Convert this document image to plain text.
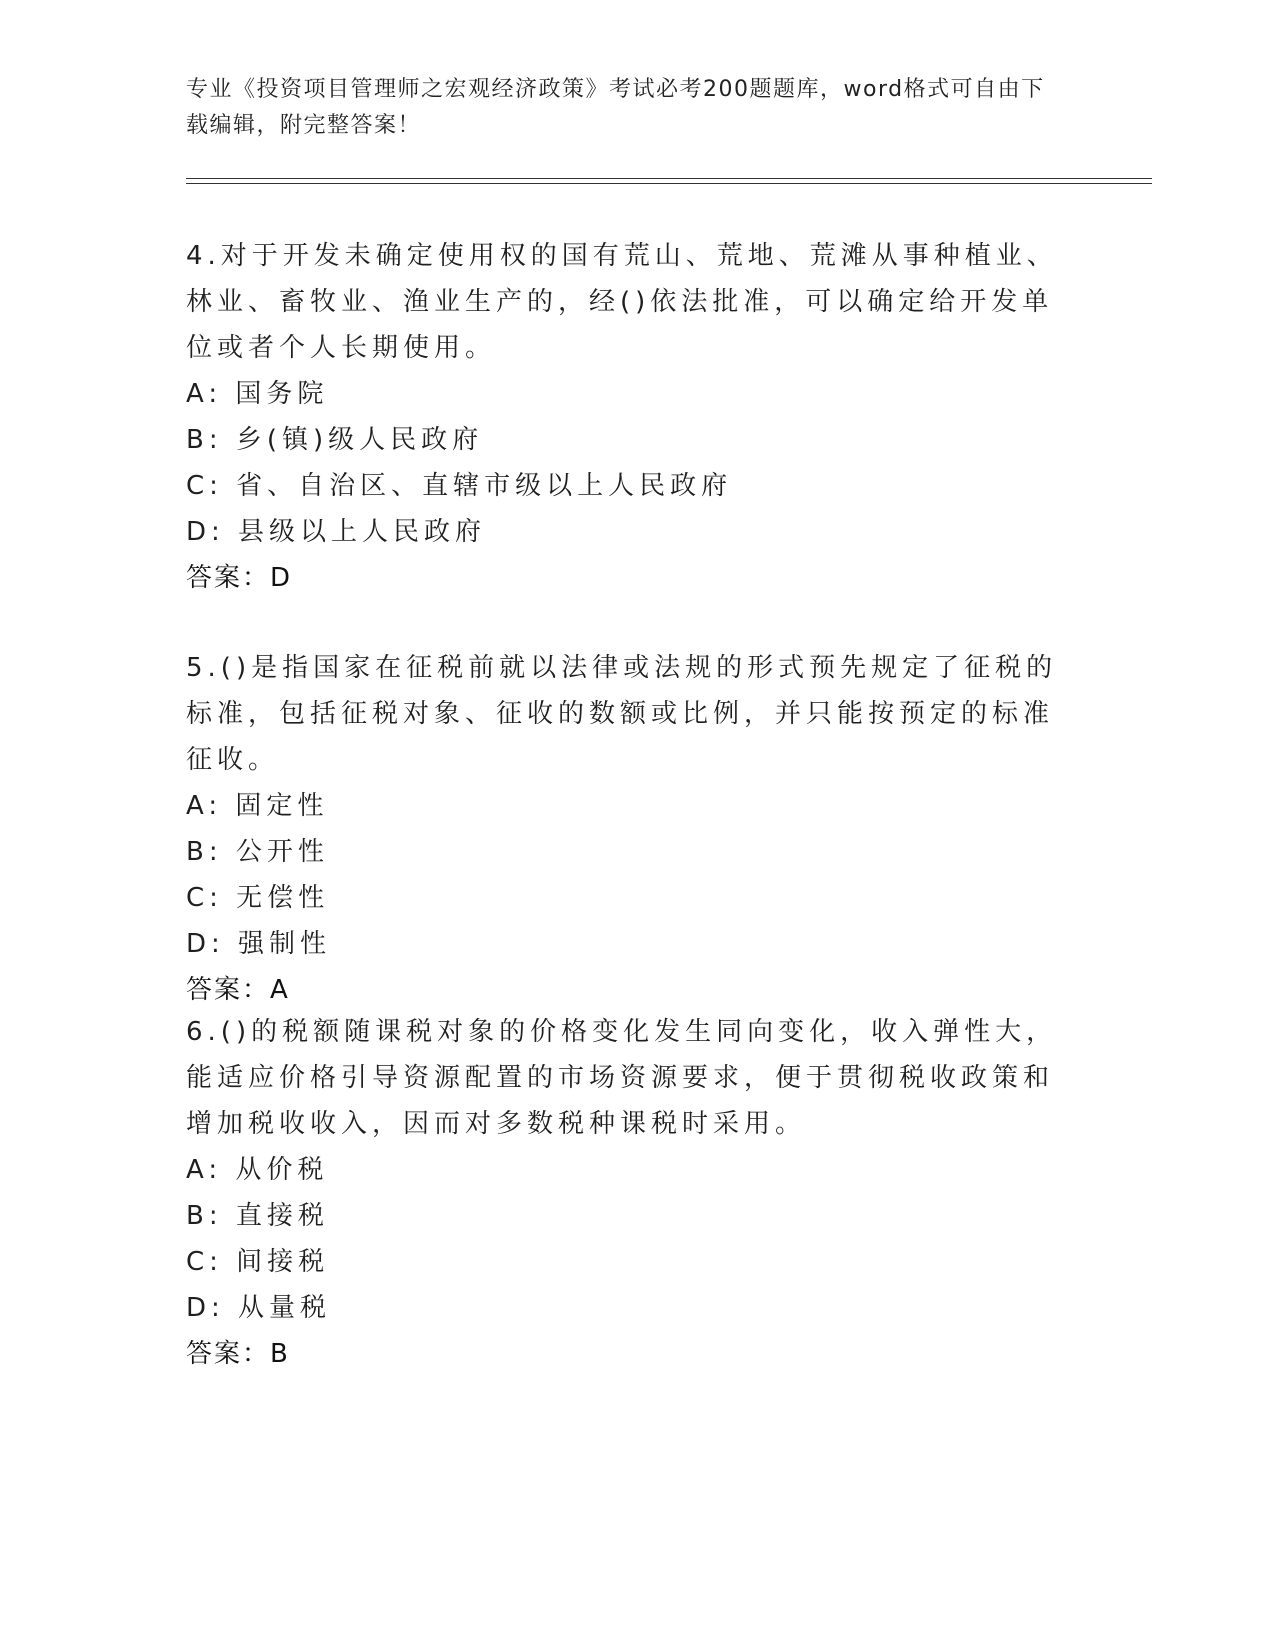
专业《投资项目管理师之宏观经济政策》考试必考200题题库，word格式可自由下载编辑，附完整答案！

4.对于开发未确定使用权的国有荒山、荒地、荒滩从事种植业、林业、畜牧业、渔业生产的，经()依法批准，可以确定给开发单位或者个人长期使用。

A: 国务院

B: 乡(镇)级人民政府

C: 省、自治区、直辖市级以上人民政府

D: 县级以上人民政府

答案：D

5.()是指国家在征税前就以法律或法规的形式预先规定了征税的标准，包括征税对象、征收的数额或比例，并只能按预定的标准征收。

A: 固定性

B: 公开性

C: 无偿性

D: 强制性

答案：A

6.()的税额随课税对象的价格变化发生同向变化，收入弹性大，能适应价格引导资源配置的市场资源要求，便于贯彻税收政策和增加税收收入，因而对多数税种课税时采用。

A: 从价税

B: 直接税

C: 间接税

D: 从量税

答案：B
